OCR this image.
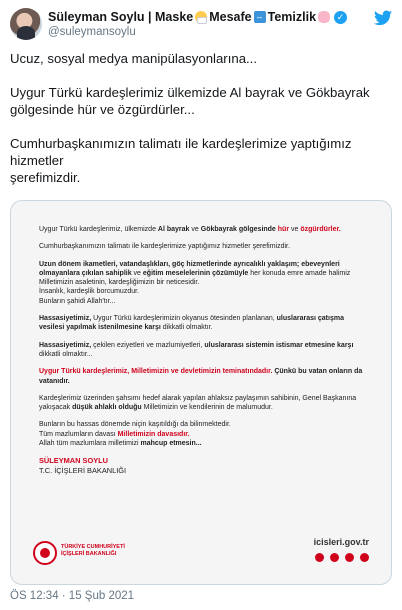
Süleyman Soylu | Maske Mesafe ↔ Temizlik	✓
@suleymansoylu

Ucuz, sosyal medya manipülasyonlarına...

Uygur Türkü kardeşlerimiz ülkemizde Al bayrak ve Gökbayrak gölgesinde hür ve özgürdürler...

Cumhurbaşkanımızın talimatı ile kardeşlerimize yaptığımız hizmetler
şerefimizdir.

Uygur Türkü kardeşlerimiz, ülkemizde Al bayrak ve Gökbayrak gölgesinde hür ve özgürdürler.

Cumhurbaşkanımızın talimatı ile kardeşlerimize yaptığımız hizmetler şerefimizdir.

Uzun dönem ikametleri, vatandaşlıkları, göç hizmetlerinde ayrıcalıklı yaklaşım; ebeveynleri olmayanlara çıkılan sahiplik ve eğitim meselelerinin çözümüyle her konuda emre amade halimiz Milletimizin asaletinin, kardeşliğimizin bir neticesidir.
İnsanlık, kardeşlik borcumuzdur.
Bunların şahidi Allah'tır...

Hassasiyetimiz, Uygur Türkü kardeşlerimizin okyanus ötesinden planlanan, uluslararası çatışma vesilesi yapılmak istenilmesine karşı dikkatli olmaktır.

Hassasiyetimiz, çekilen eziyetleri ve mazlumiyetleri, uluslararası sistemin istismar etmesine karşı dikkatli olmaktır...

Uygur Türkü kardeşlerimiz, Milletimizin ve devletimizin teminatındadır. Çünkü bu vatan onların da vatanıdır.

Kardeşlerimiz üzerinden şahsımı hedef alarak yapılan ahlaksız paylaşımın sahibinin, Genel Başkanına yakışacak düşük ahlaklı olduğu Milletimizin ve kendilerinin de malumudur.

Bunların bu hassas dönemde niçin kaşıtıldığı da bilinmektedir.
Tüm mazlumların davası Milletimizin davasıdır.
Allah tüm mazlumlara milletimizi mahcup etmesin...

SÜLEYMAN SOYLU

T.C. İÇİŞLERİ BAKANLIĞI

TÜRKİYE CUMHURİYETİ
İÇİŞLERİ BAKANLIĞI
icisleri.gov.tr
ÖS 12:34 · 15 Şub 2021
